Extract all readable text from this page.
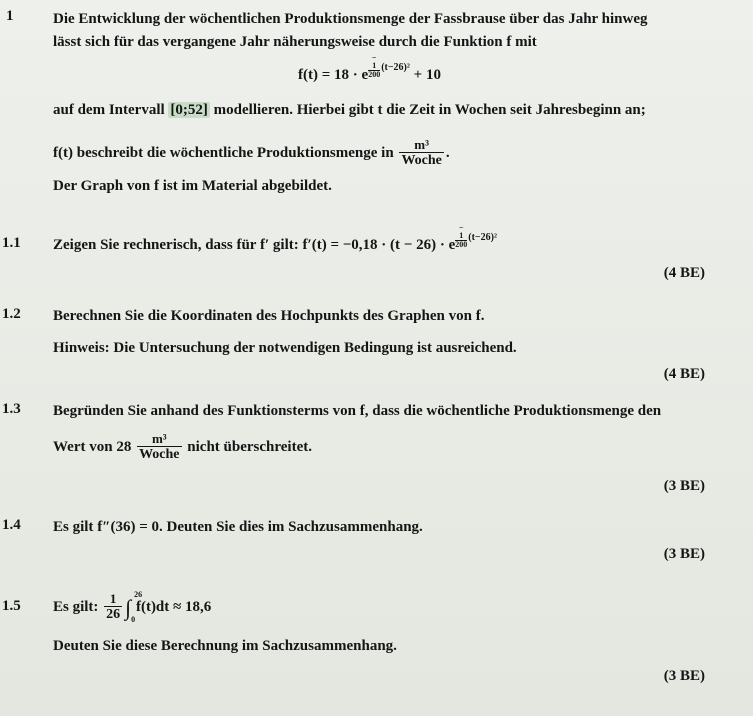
1	Die Entwicklung der wöchentlichen Produktionsmenge der Fassbrause über das Jahr hinweg
lässt sich für das vergangene Jahr näherungsweise durch die Funktion f mit
f(t) = 18 · e −
1
200 $^{(t-26)^2}$ + 10
auf dem Intervall [0;52] modellieren. Hierbei gibt t die Zeit in Wochen seit Jahresbeginn an;
f(t) beschreibt die wöchentliche Produktionsmenge in $\frac{\text{m³}}{\text{Woche}}$ .
Der Graph von f ist im Material abgebildet.
1.1 Zeigen Sie rechnerisch, dass für f′ gilt: f′(t) = −0,18 · (t − 26) · e −
1
200 $^{(t-26)^2}$
(4 BE)
1.2 Berechnen Sie die Koordinaten des Hochpunkts des Graphen von f.
Hinweis: Die Untersuchung der notwendigen Bedingung ist ausreichend.
(4 BE)
1.3 Begründen Sie anhand des Funktionsterms von f, dass die wöchentliche Produktionsmenge den
Wert von $28 \frac{\text{m³}}{\text{Woche}}$ nicht überschreitet.
(3 BE)
1.4 Es gilt f″(36) = 0. Deuten Sie dies im Sachzusammenhang.
(3 BE)
1.5 Es gilt: $\frac{1}{26}$ ∫
26
0
f(t)dt ≈ 18,6
Deuten Sie diese Berechnung im Sachzusammenhang.
(3 BE)
